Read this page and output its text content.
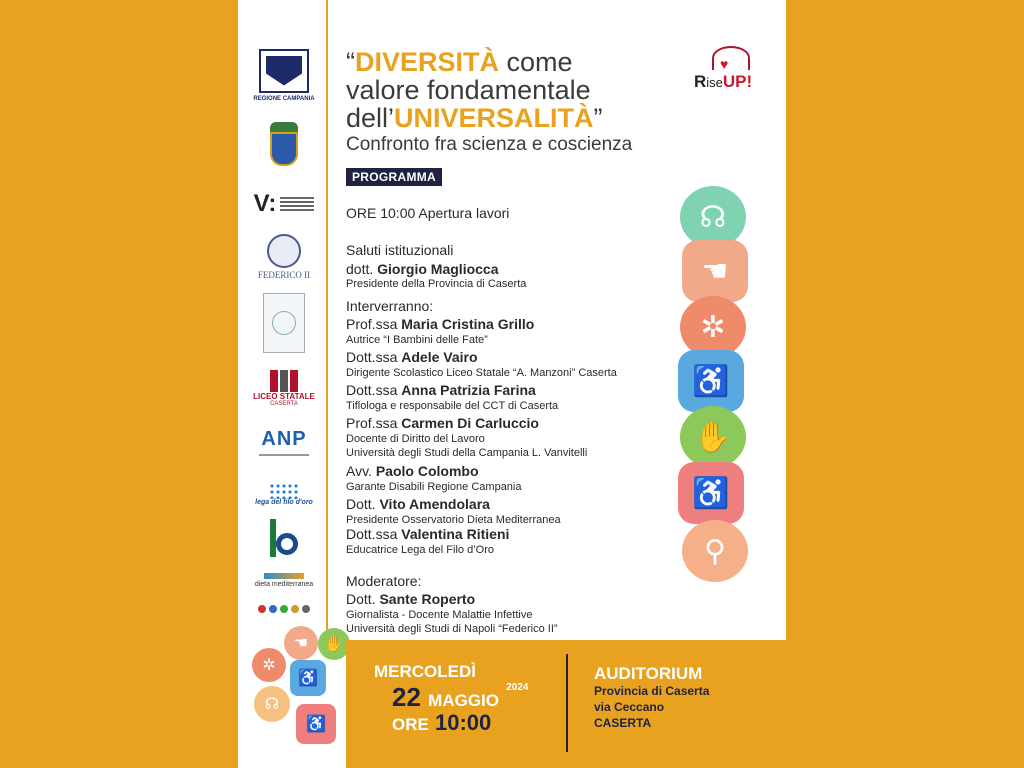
REGIONE CAMPANIA
V:
FEDERICO II
LICEO STATALE
CASERTA
ANP
lega del filo d'oro
dieta mediterranea
“DIVERSITÀ come
valore fondamentale
dell’UNIVERSALITÀ”
Confronto fra scienza e coscienza
♥
RiseUP!
PROGRAMMA
ORE 10:00 Apertura lavori
Saluti istituzionali
dott. Giorgio Magliocca
Presidente della Provincia di Caserta
Interverranno:
Prof.ssa Maria Cristina Grillo
Autrice “I Bambini delle Fate”
Dott.ssa Adele Vairo
Dirigente Scolastico Liceo Statale “A. Manzoni” Caserta
Dott.ssa Anna Patrizia Farina
Tiflologa e responsabile del CCT di Caserta
Prof.ssa Carmen Di Carluccio
Docente di Diritto del Lavoro
Università degli Studi della Campania L. Vanvitelli
Avv. Paolo Colombo
Garante Disabili Regione Campania
Dott. Vito Amendolara
Presidente Osservatorio Dieta Mediterranea
Dott.ssa Valentina Ritieni
Educatrice Lega del Filo d’Oro
Moderatore:
Dott. Sante Roperto
Giornalista - Docente Malattie Infettive
Università degli Studi di Napoli “Federico II”
☊
☚
✲
♿
✋
♿
⚲
✲
☚ ✋
♿
☊
♿
MERCOLEDÌ
22 MAGGIO $^{2024}$
ORE 10:00
AUDITORIUM
Provincia di Caserta
via Ceccano
CASERTA
